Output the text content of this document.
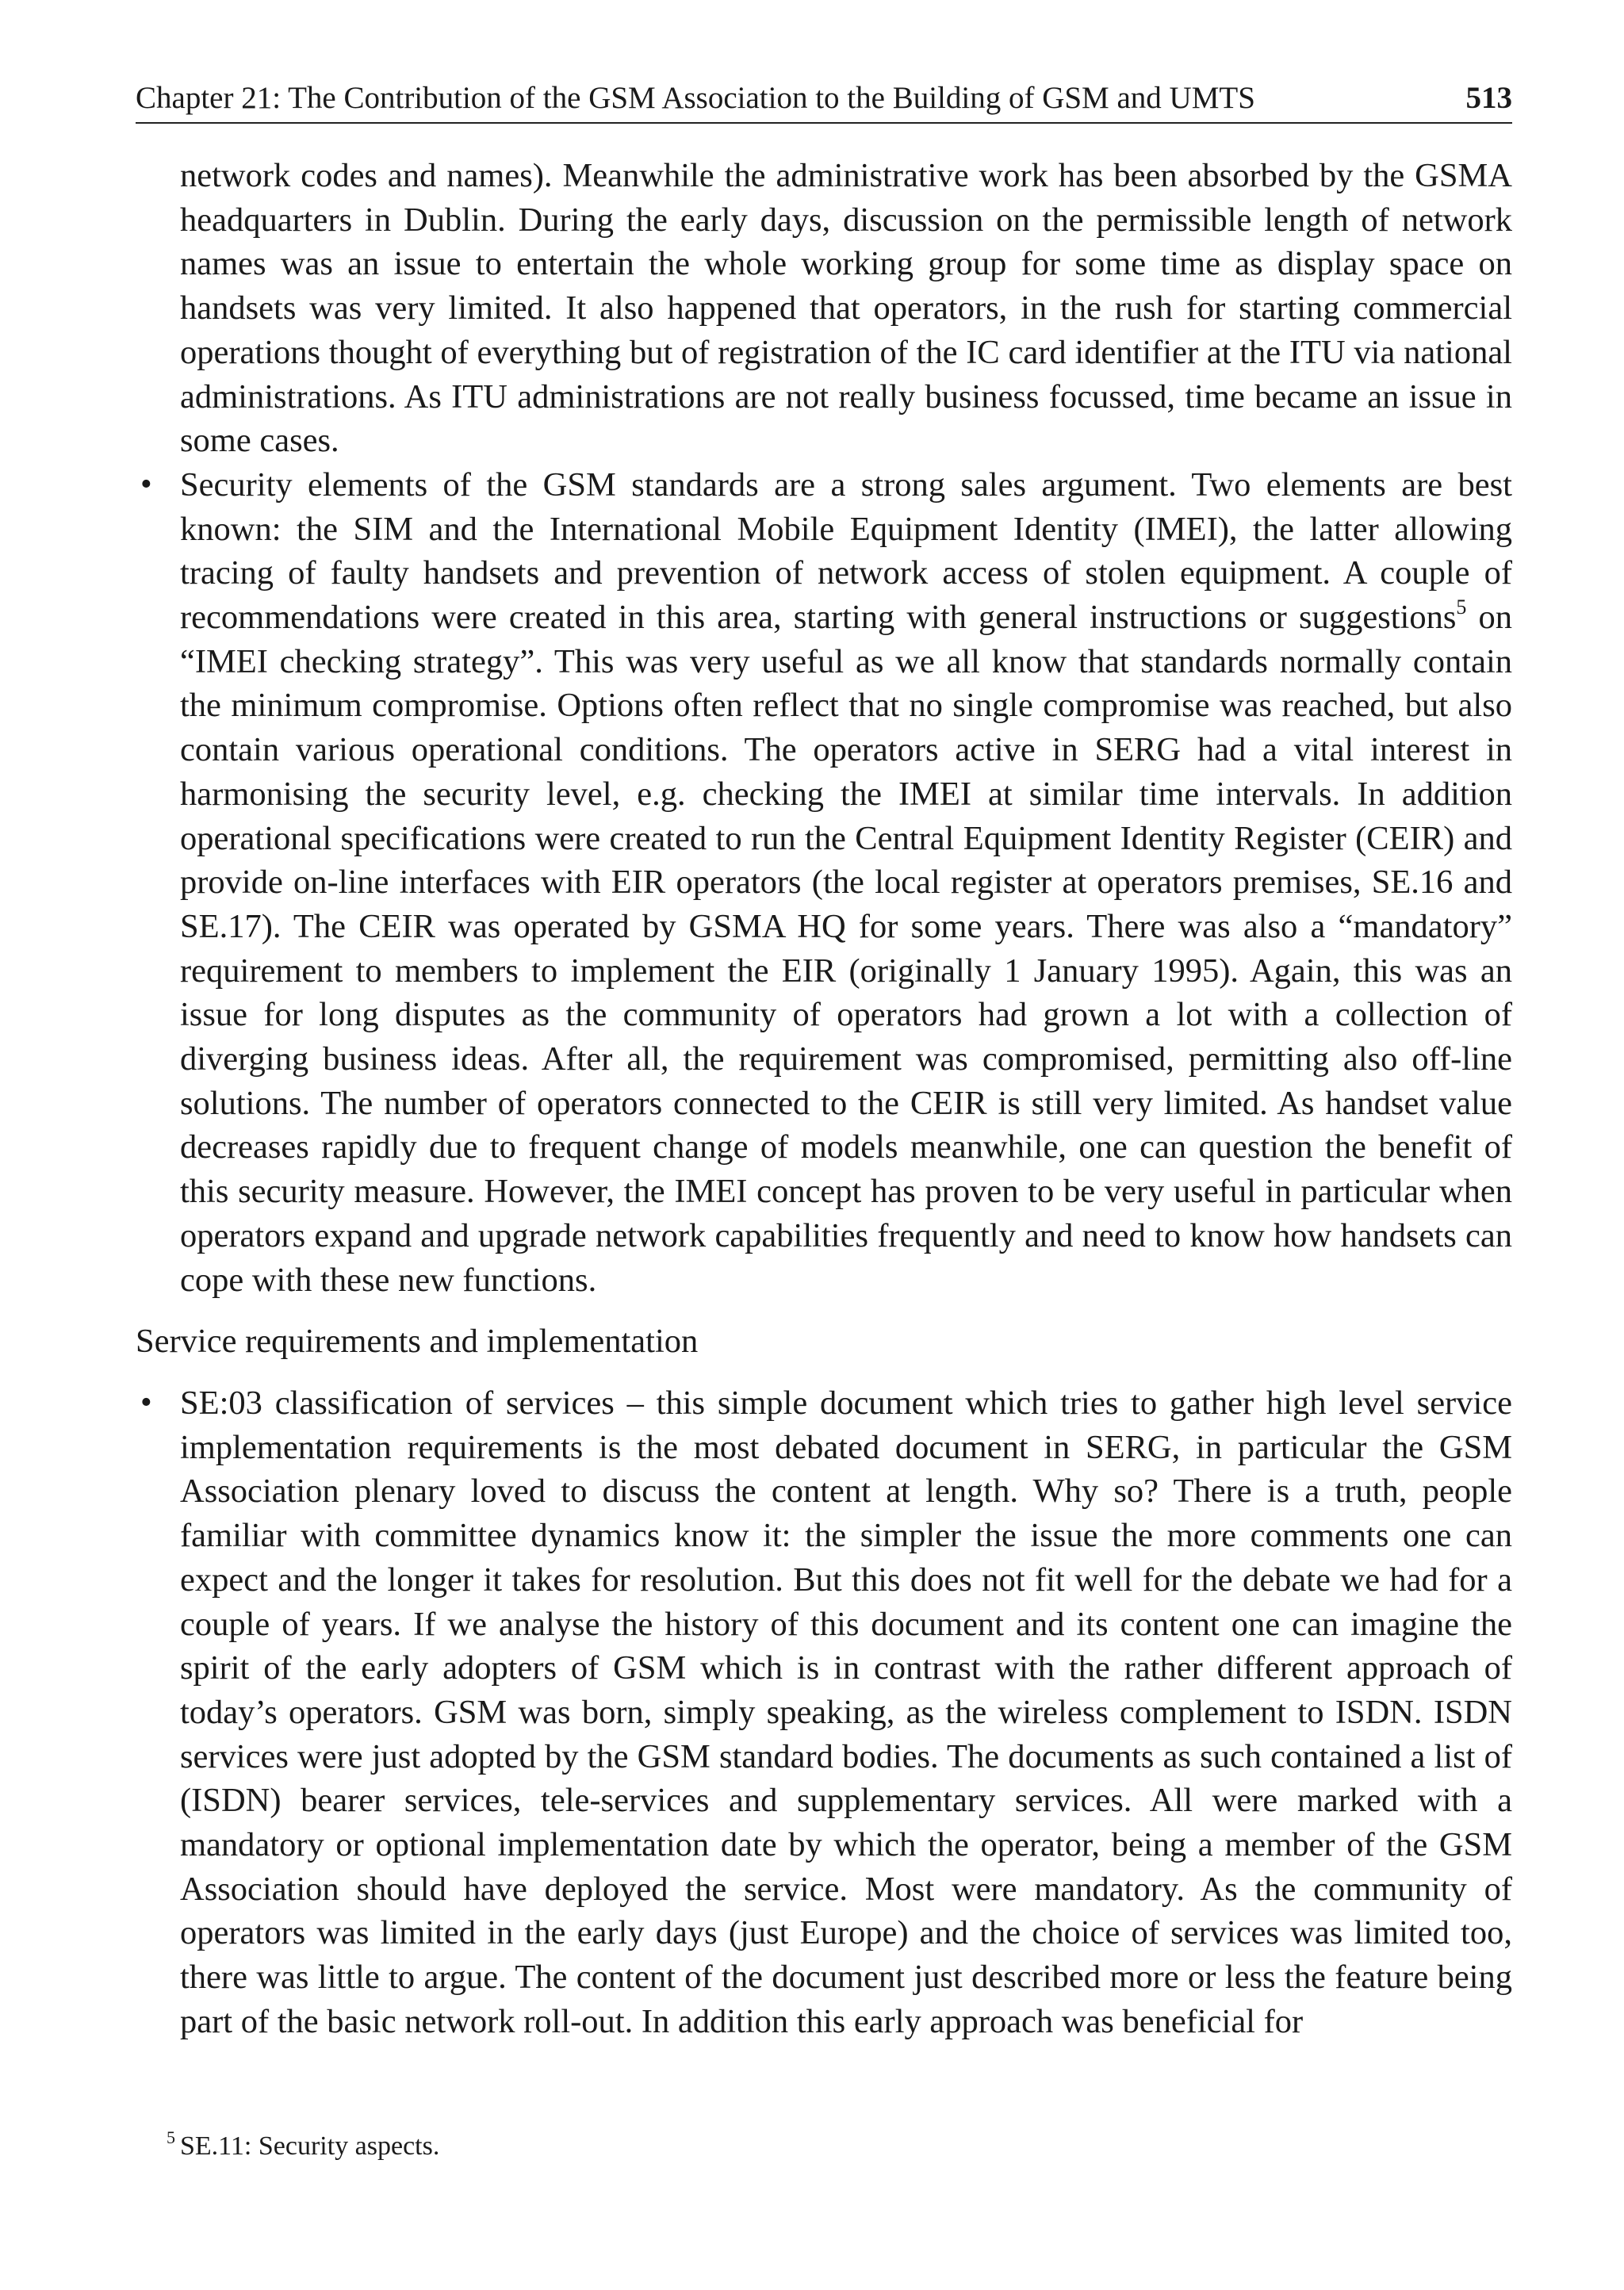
Chapter 21: The Contribution of the GSM Association to the Building of GSM and UMTS	513

network codes and names). Meanwhile the administrative work has been absorbed by the GSMA headquarters in Dublin. During the early days, discussion on the permissible length of network names was an issue to entertain the whole working group for some time as display space on handsets was very limited. It also happened that operators, in the rush for starting commercial operations thought of everything but of registration of the IC card identifier at the ITU via national administrations. As ITU administrations are not really business focussed, time became an issue in some cases.

• Security elements of the GSM standards are a strong sales argument. Two elements are best known: the SIM and the International Mobile Equipment Identity (IMEI), the latter allowing tracing of faulty handsets and prevention of network access of stolen equipment. A couple of recommendations were created in this area, starting with general instructions or suggestions$^5$ on “IMEI checking strategy”. This was very useful as we all know that standards normally contain the minimum compromise. Options often reflect that no single compromise was reached, but also contain various operational conditions. The operators active in SERG had a vital interest in harmonising the security level, e.g. checking the IMEI at similar time intervals. In addition operational specifications were created to run the Central Equipment Identity Register (CEIR) and provide on-line interfaces with EIR operators (the local register at operators premises, SE.16 and SE.17). The CEIR was operated by GSMA HQ for some years. There was also a “mandatory” requirement to members to implement the EIR (originally 1 January 1995). Again, this was an issue for long disputes as the community of operators had grown a lot with a collection of diverging business ideas. After all, the requirement was compromised, permitting also off-line solutions. The number of operators connected to the CEIR is still very limited. As handset value decreases rapidly due to frequent change of models meanwhile, one can question the benefit of this security measure. However, the IMEI concept has proven to be very useful in particular when operators expand and upgrade network capabilities frequently and need to know how handsets can cope with these new functions.
Service requirements and implementation
• SE:03 classification of services – this simple document which tries to gather high level service implementation requirements is the most debated document in SERG, in particular the GSM Association plenary loved to discuss the content at length. Why so? There is a truth, people familiar with committee dynamics know it: the simpler the issue the more comments one can expect and the longer it takes for resolution. But this does not fit well for the debate we had for a couple of years. If we analyse the history of this document and its content one can imagine the spirit of the early adopters of GSM which is in contrast with the rather different approach of today’s operators. GSM was born, simply speaking, as the wireless complement to ISDN. ISDN services were just adopted by the GSM standard bodies. The documents as such contained a list of (ISDN) bearer services, tele-services and supplementary services. All were marked with a mandatory or optional implementation date by which the operator, being a member of the GSM Association should have deployed the service. Most were mandatory. As the community of operators was limited in the early days (just Europe) and the choice of services was limited too, there was little to argue. The content of the document just described more or less the feature being part of the basic network roll-out. In addition this early approach was beneficial for
$^5$ SE.11: Security aspects.
